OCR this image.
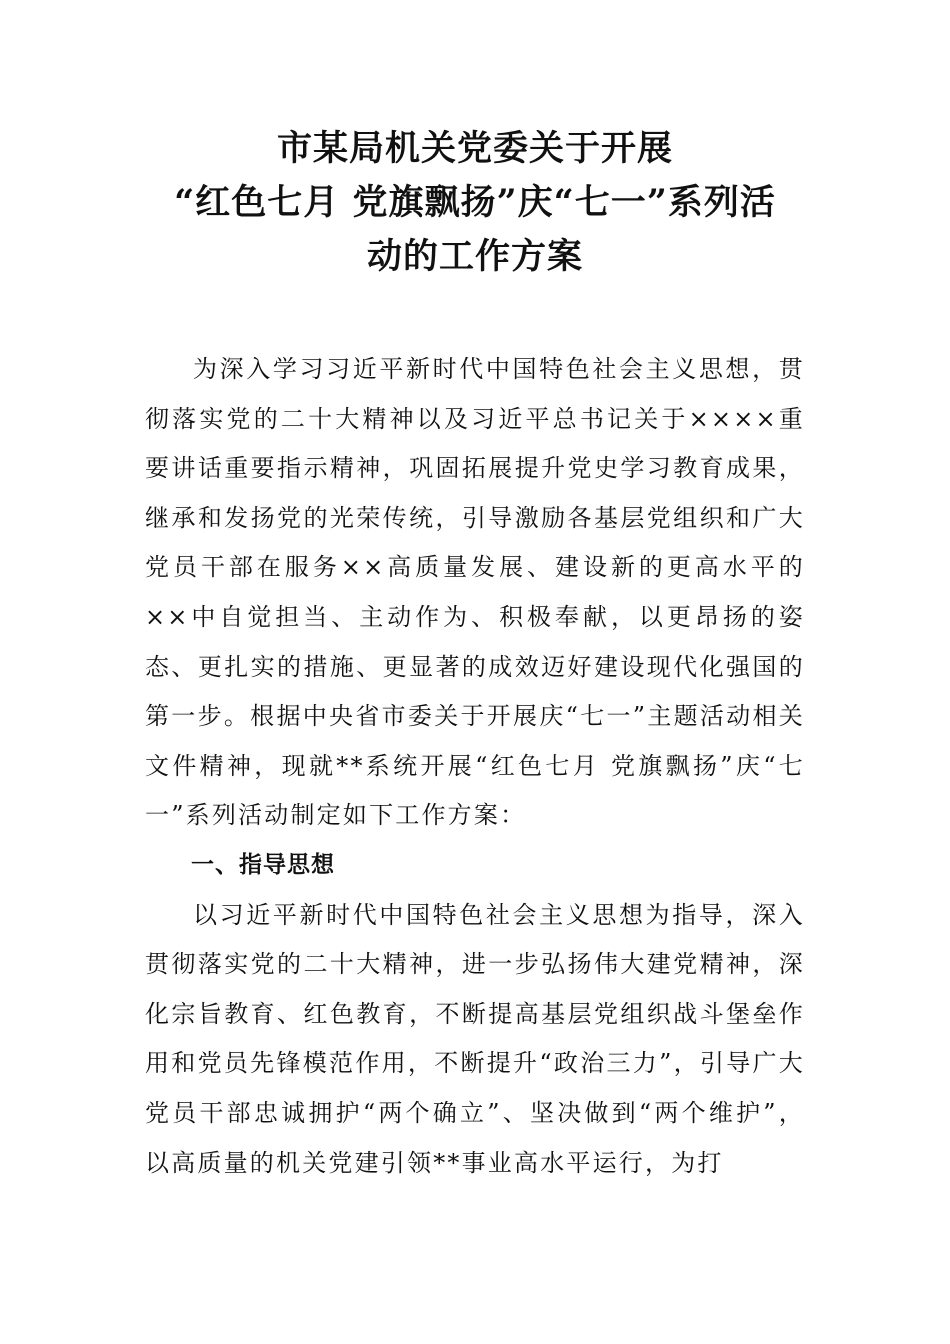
市某局机关党委关于开展
“红色七月 党旗飘扬”庆“七一”系列活
动的工作方案

为深入学习习近平新时代中国特色社会主义思想，贯彻落实党的二十大精神以及习近平总书记关于××××重要讲话重要指示精神，巩固拓展提升党史学习教育成果，继承和发扬党的光荣传统，引导激励各基层党组织和广大党员干部在服务××高质量发展、建设新的更高水平的××中自觉担当、主动作为、积极奉献，以更昂扬的姿态、更扎实的措施、更显著的成效迈好建设现代化强国的第一步。根据中央省市委关于开展庆“七一”主题活动相关文件精神，现就**系统开展“红色七月 党旗飘扬”庆“七一”系列活动制定如下工作方案：

一、指导思想

以习近平新时代中国特色社会主义思想为指导，深入贯彻落实党的二十大精神，进一步弘扬伟大建党精神，深化宗旨教育、红色教育，不断提高基层党组织战斗堡垒作用和党员先锋模范作用，不断提升“政治三力”，引导广大党员干部忠诚拥护“两个确立”、坚决做到“两个维护”，以高质量的机关党建引领**事业高水平运行，为打
